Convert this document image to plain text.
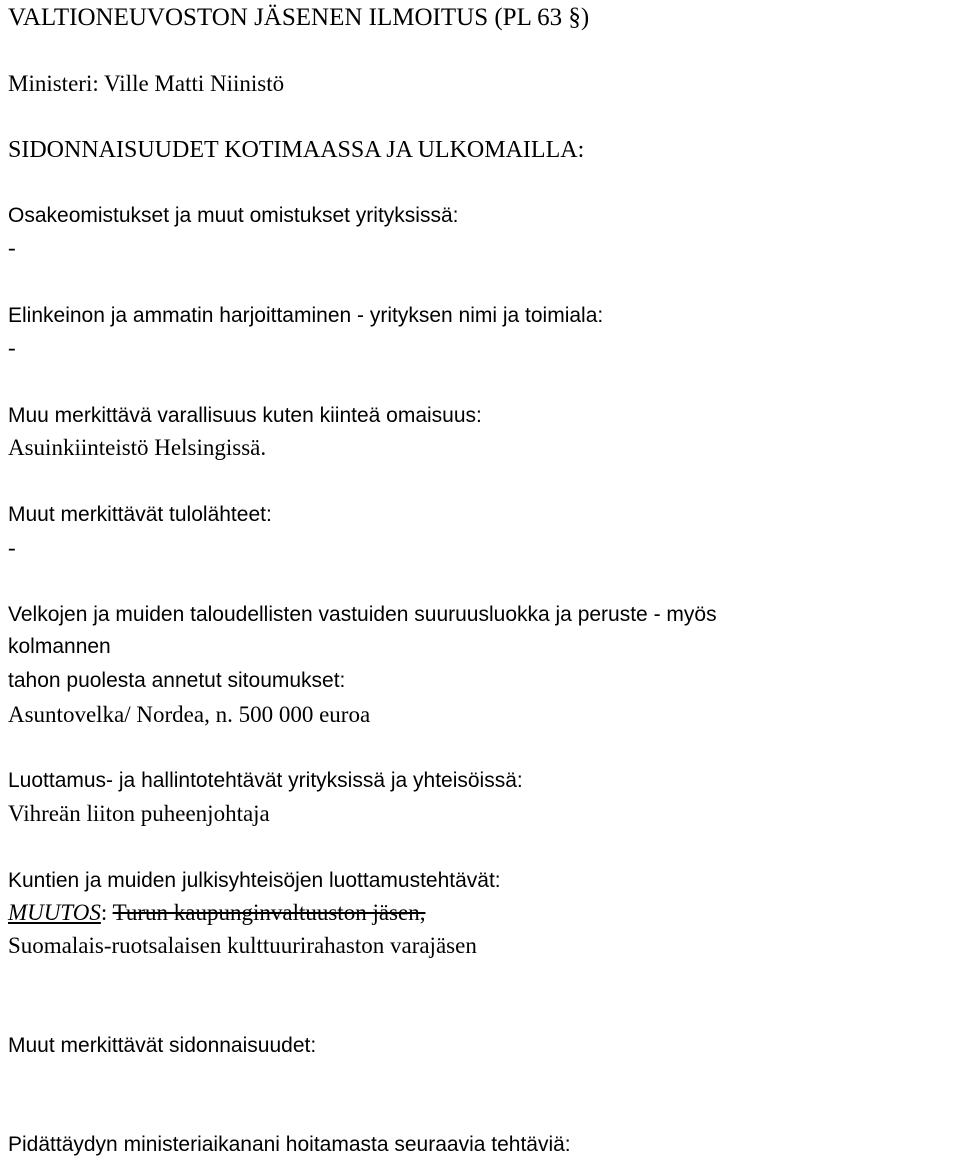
VALTIONEUVOSTON JÄSENEN ILMOITUS (PL 63 §)

Ministeri: Ville Matti Niinistö

SIDONNAISUUDET KOTIMAASSA JA ULKOMAILLA:

Osakeomistukset ja muut omistukset yrityksissä:

-

Elinkeinon ja ammatin harjoittaminen - yrityksen nimi ja toimiala:

-

Muu merkittävä varallisuus kuten kiinteä omaisuus:

Asuinkiinteistö Helsingissä.

Muut merkittävät tulolähteet:

-

Velkojen ja muiden taloudellisten vastuiden suuruusluokka ja peruste - myös

kolmannen

tahon puolesta annetut sitoumukset:

Asuntovelka/ Nordea, n. 500 000 euroa

Luottamus- ja hallintotehtävät yrityksissä ja yhteisöissä:

Vihreän liiton puheenjohtaja

Kuntien ja muiden julkisyhteisöjen luottamustehtävät:

MUUTOS: Turun kaupunginvaltuuston jäsen,

Suomalais-ruotsalaisen kulttuurirahaston varajäsen

Muut merkittävät sidonnaisuudet:

Pidättäydyn ministeriaikanani hoitamasta seuraavia tehtäviä:
